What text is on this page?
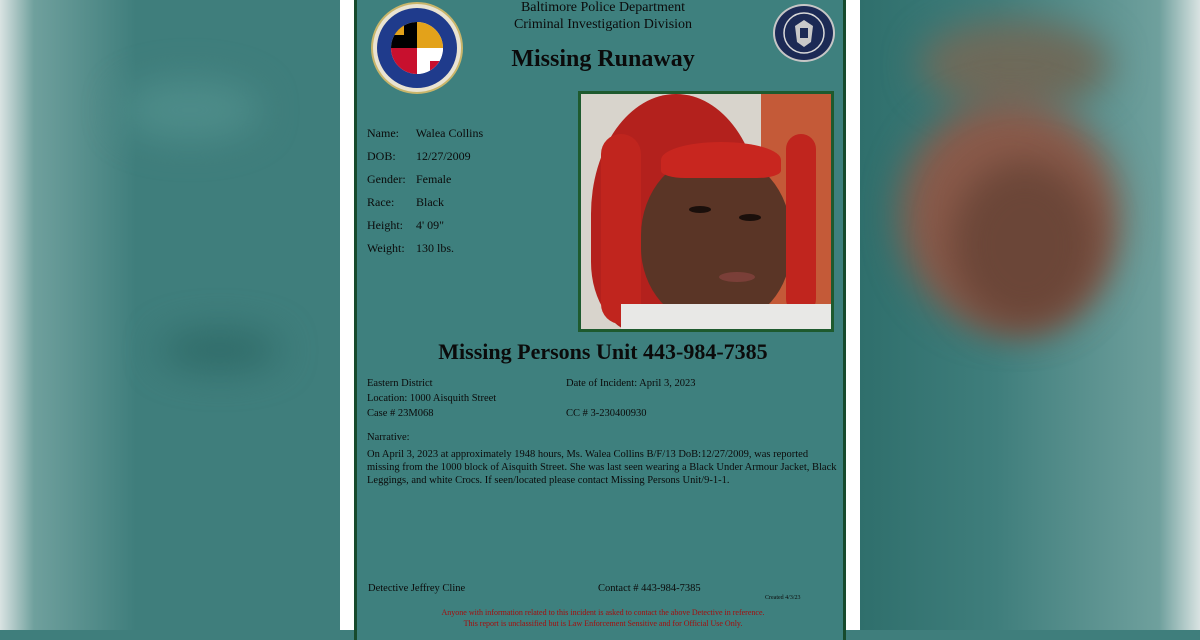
Baltimore Police Department
Criminal Investigation Division
Missing Runaway
Name: Walea Collins
DOB: 12/27/2009
Gender: Female
Race: Black
Height: 4' 09"
Weight: 130 lbs.
Missing Persons Unit 443-984-7385
Eastern District
Location: 1000 Aisquith Street
Case # 23M068
Date of Incident: April 3, 2023
CC # 3-230400930
Narrative:
On April 3, 2023 at approximately 1948 hours, Ms. Walea Collins B/F/13 DoB:12/27/2009, was reported missing from the 1000 block of Aisquith Street. She was last seen wearing a Black Under Armour Jacket, Black Leggings, and white Crocs. If seen/located please contact Missing Persons Unit/9-1-1.
Detective Jeffrey Cline	Contact # 443-984-7385
Created 4/3/23
Anyone with information related to this incident is asked to contact the above Detective in reference.
This report is unclassified but is Law Enforcement Sensitive and for Official Use Only.
